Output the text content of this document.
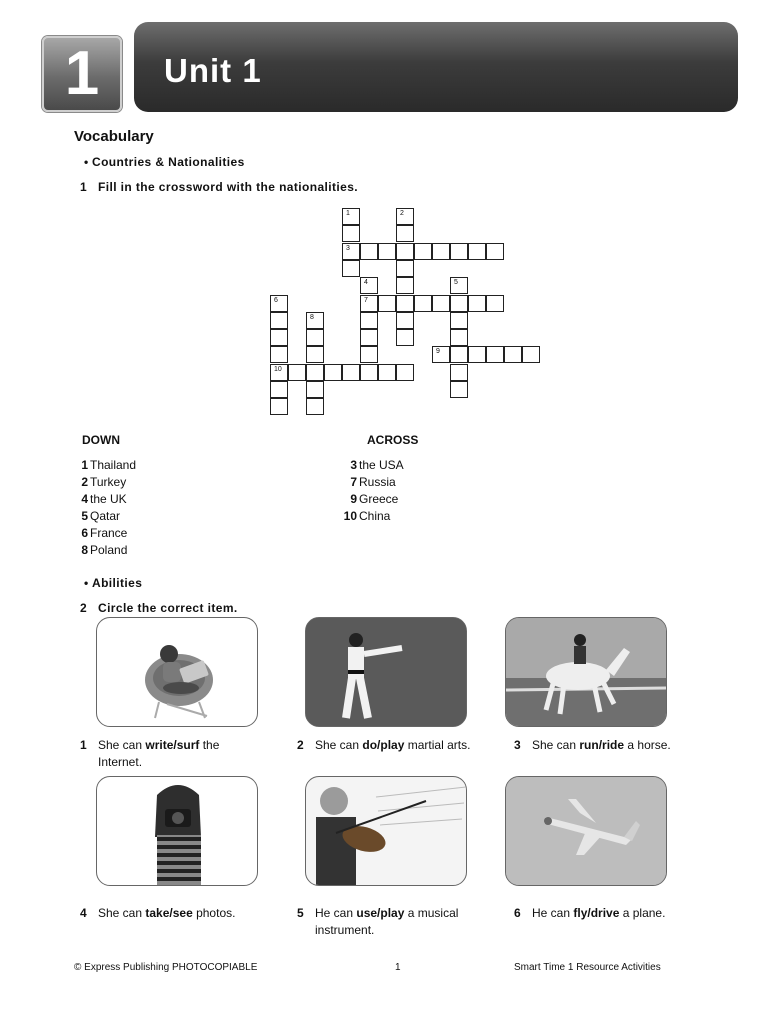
1 Unit 1
Vocabulary
• Countries & Nationalities
1 Fill in the crossword with the nationalities.
1
3
2
4
7
5
6
10
8
9
DOWN	ACROSS
1 Thailand
2 Turkey
4 the UK
5 Qatar
6 France
8 Poland
3 the USA
7 Russia
9 Greece
10 China
• Abilities
2 Circle the correct item.
1 She can write/surf the Internet.
2 She can do/play martial arts.	3 She can run/ride a horse.
4 She can take/see photos.	5 He can use/play a musical instrument.
6 He can fly/drive a plane.
© Express Publishing PHOTOCOPIABLE	1	Smart Time 1 Resource Activities
